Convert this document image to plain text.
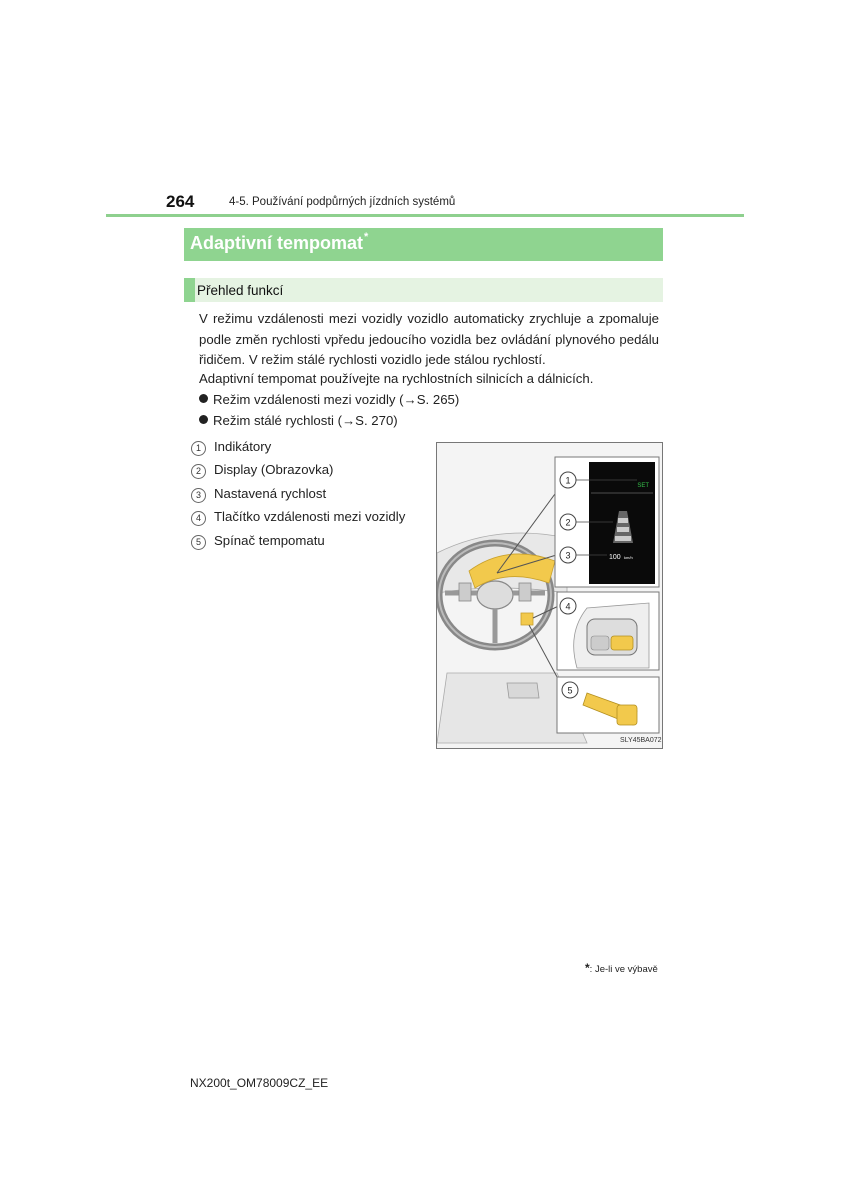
264	4-5. Používání podpůrných jízdních systémů
Adaptivní tempomat*
Přehled funkcí
V režimu vzdálenosti mezi vozidly vozidlo automaticky zrychluje a zpomaluje podle změn rychlosti vpředu jedoucího vozidla bez ovládání plynového pedálu řidičem. V režim stálé rychlosti vozidlo jede stálou rychlostí.
Adaptivní tempomat používejte na rychlostních silnicích a dálnicích.
Režim vzdálenosti mezi vozidly (→S. 265)
Režim stálé rychlosti (→S. 270)
1 Indikátory
2 Display (Obrazovka)
3 Nastavená rychlost
4 Tlačítko vzdálenosti mezi vozidly
5 Spínač tempomatu
SET
100 km/h
1
2
3
4
5
SLY45BA072
*: Je-li ve výbavě
NX200t_OM78009CZ_EE
